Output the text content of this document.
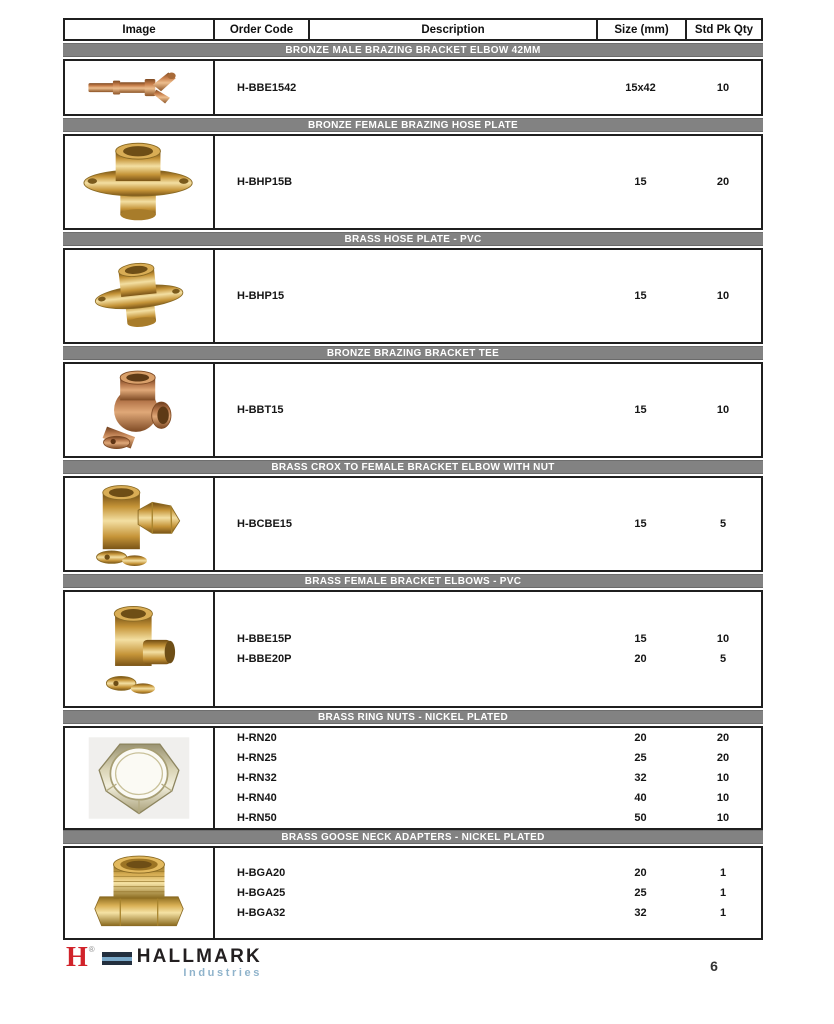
Image	Order Code	Description	Size (mm)	Std Pk Qty
BRONZE MALE BRAZING BRACKET ELBOW 42MM
H-BBE1542	15x42	10
BRONZE FEMALE BRAZING HOSE PLATE
H-BHP15B	15	20
BRASS HOSE PLATE - PVC
H-BHP15	15	10
BRONZE BRAZING BRACKET TEE
H-BBT15	15	10
BRASS CROX TO FEMALE BRACKET ELBOW WITH NUT
H-BCBE15	15	5
BRASS FEMALE BRACKET ELBOWS - PVC
H-BBE15P	15	10
H-BBE20P	20	5
BRASS RING NUTS - NICKEL PLATED
H-RN20	20	20
H-RN25	25	20
H-RN32	32	10
H-RN40	40	10
H-RN50	50	10
BRASS GOOSE NECK ADAPTERS - NICKEL PLATED
H-BGA20	20	1
H-BGA25	25	1
H-BGA32	32	1
H ® HALLMARK
Industries	6
